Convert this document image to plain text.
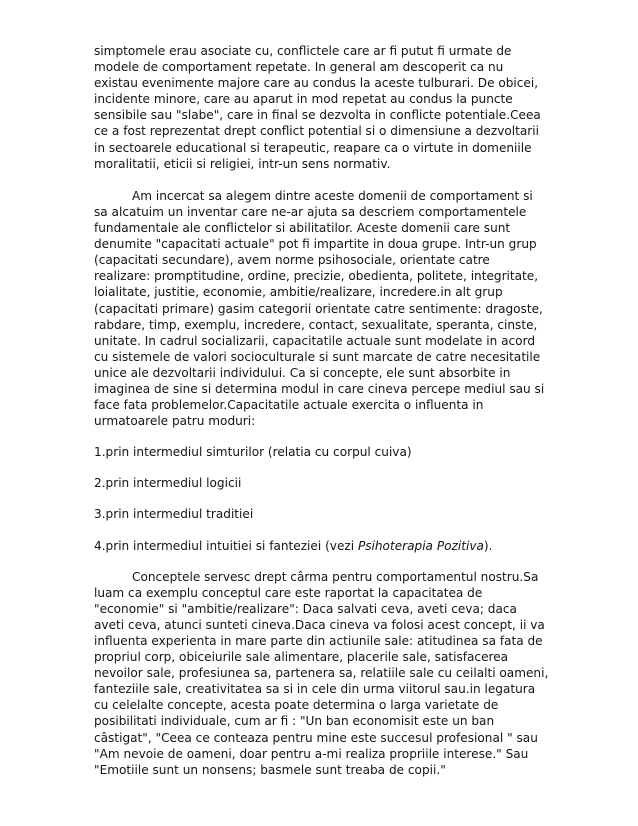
simptomele erau asociate cu, conflictele care ar fi putut fi urmate de modele de comportament repetate. In general am descoperit ca nu existau evenimente majore care au condus la aceste tulburari. De obicei, incidente minore, care au aparut in mod repetat au condus la puncte sensibile sau "slabe", care in final se dezvolta in conflicte potentiale.Ceea ce a fost reprezentat drept conflict potential si o dimensiune a dezvoltarii in sectoarele educational si terapeutic, reapare ca o virtute in domeniile moralitatii, eticii si religiei, intr-un sens normativ.

Am incercat sa alegem dintre aceste domenii de comportament si sa alcatuim un inventar care ne-ar ajuta sa descriem comportamentele fundamentale ale conflictelor si abilitatilor. Aceste domenii care sunt denumite "capacitati actuale" pot fi impartite in doua grupe. Intr-un grup (capacitati secundare), avem norme psihosociale, orientate catre realizare: promptitudine, ordine, precizie, obedienta, politete, integritate, loialitate, justitie, economie, ambitie/realizare, incredere.in alt grup (capacitati primare) gasim categorii orientate catre sentimente: dragoste, rabdare, timp, exemplu, incredere, contact, sexualitate, speranta, cinste, unitate. In cadrul socializarii, capacitatile actuale sunt modelate in acord cu sistemele de valori socioculturale si sunt marcate de catre necesitatile unice ale dezvoltarii individului. Ca si concepte, ele sunt absorbite in imaginea de sine si determina modul in care cineva percepe mediul sau si face fata problemelor.Capacitatile actuale exercita o influenta in urmatoarele patru moduri:

1.prin intermediul simturilor (relatia cu corpul cuiva)

2.prin intermediul logicii

3.prin intermediul traditiei

4.prin intermediul intuitiei si fanteziei (vezi Psihoterapia Pozitiva).

Conceptele servesc drept cârma pentru comportamentul nostru.Sa luam ca exemplu conceptul care este raportat la capacitatea de "economie" si "ambitie/realizare": Daca salvati ceva, aveti ceva; daca aveti ceva, atunci sunteti cineva.Daca cineva va folosi acest concept, ii va influenta experienta in mare parte din actiunile sale: atitudinea sa fata de propriul corp, obiceiurile sale alimentare, placerile sale, satisfacerea nevoilor sale, profesiunea sa, partenera sa, relatiile sale cu ceilalti oameni, fanteziile sale, creativitatea sa si in cele din urma viitorul sau.in legatura cu celelalte concepte, acesta poate determina o larga varietate de posibilitati individuale, cum ar fi : "Un ban economisit este un ban câstigat", "Ceea ce conteaza pentru mine este succesul profesional " sau "Am nevoie de oameni, doar pentru a-mi realiza propriile interese." Sau "Emotiile sunt un nonsens; basmele sunt treaba de copii."
